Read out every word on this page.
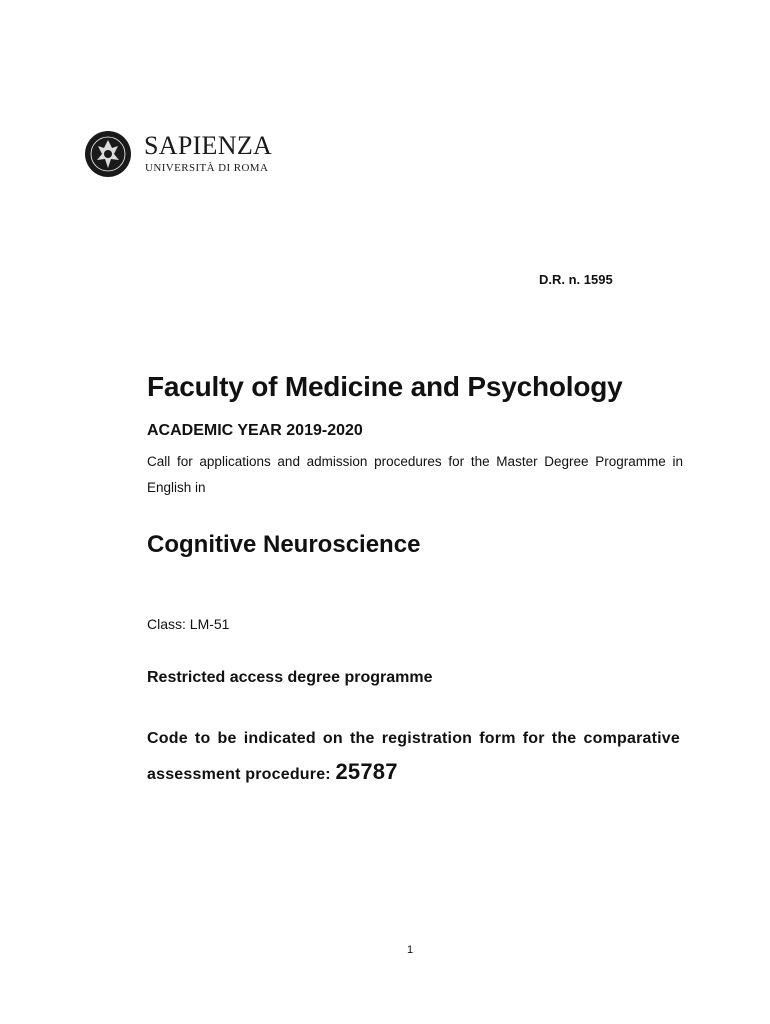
SAPIENZA
UNIVERSITÀ DI ROMA
D.R. n. 1595
Faculty of Medicine and Psychology
ACADEMIC YEAR 2019-2020
Call for applications and admission procedures for the Master Degree Programme in English in
Cognitive Neuroscience
Class: LM-51
Restricted access degree programme
Code to be indicated on the registration form for the comparative assessment procedure: 25787
1
